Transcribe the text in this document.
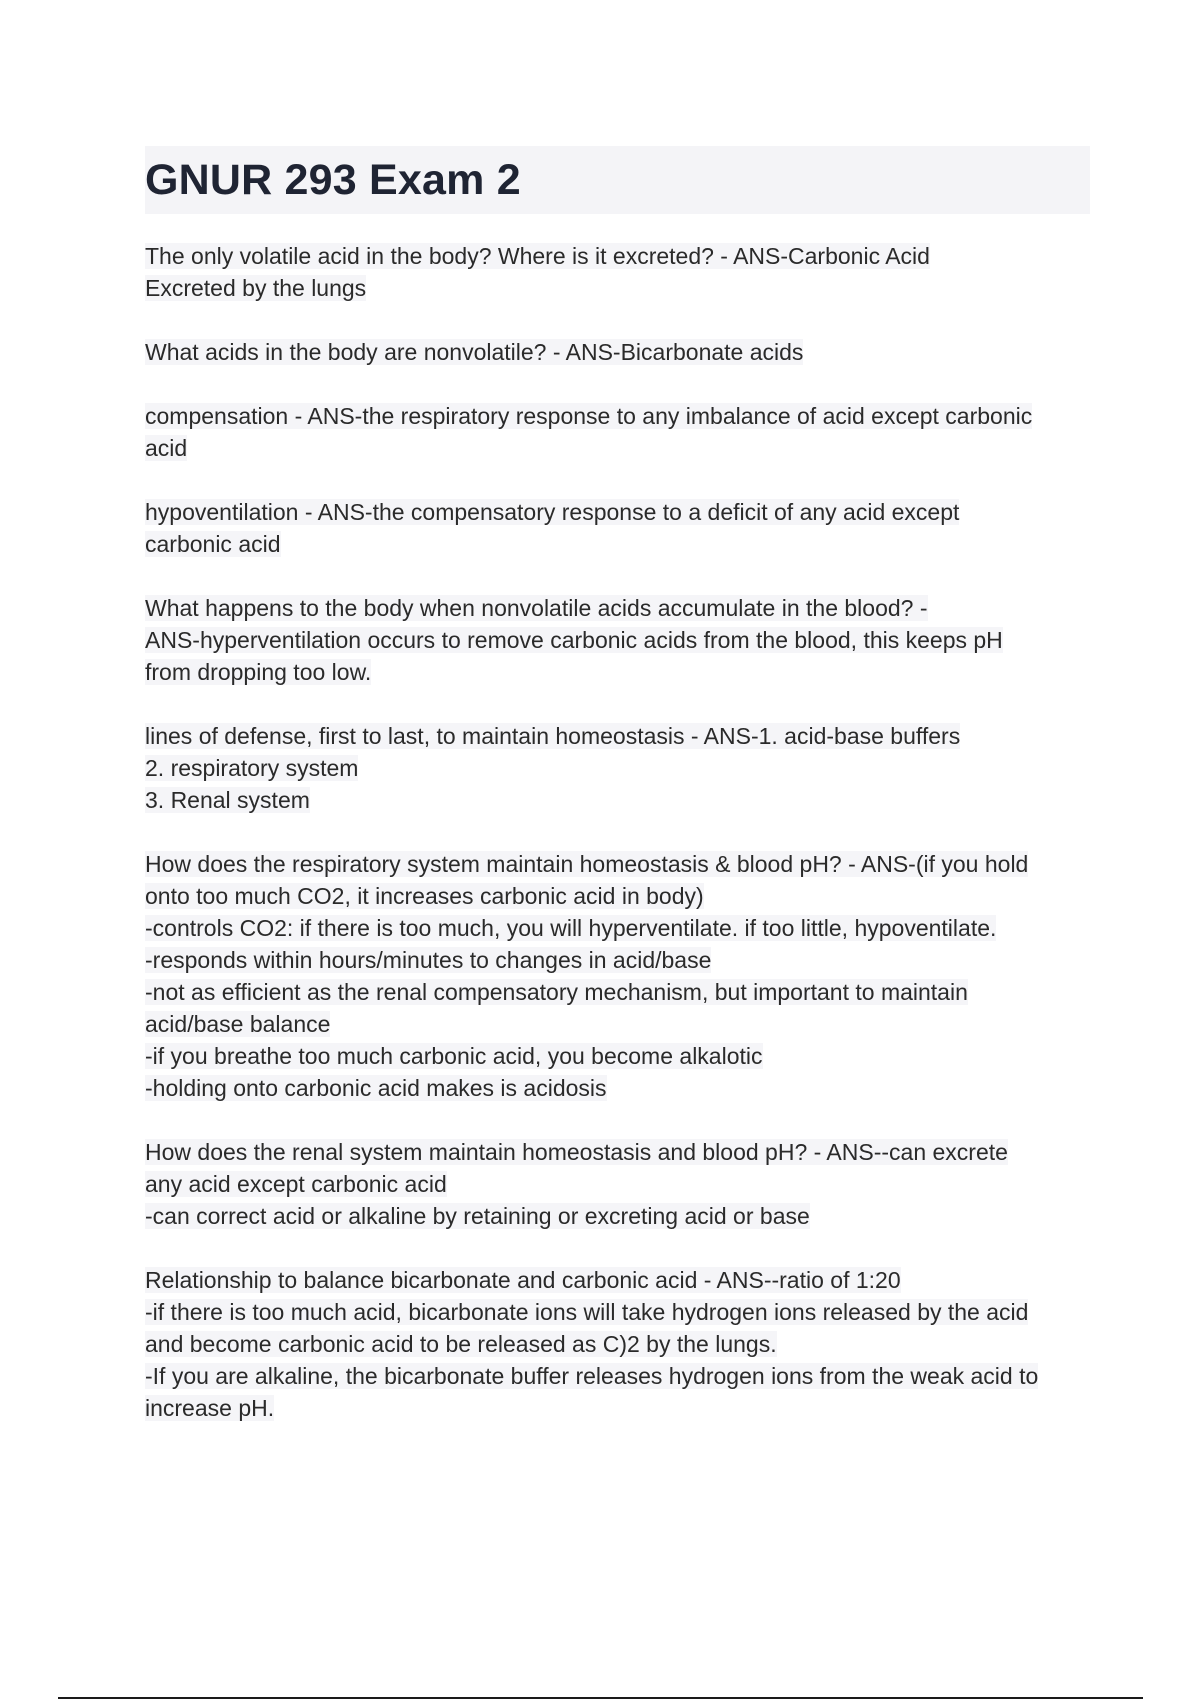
GNUR 293 Exam 2
The only volatile acid in the body? Where is it excreted? - ANS-Carbonic Acid
Excreted by the lungs
What acids in the body are nonvolatile? - ANS-Bicarbonate acids
compensation - ANS-the respiratory response to any imbalance of acid except carbonic
acid
hypoventilation - ANS-the compensatory response to a deficit of any acid except
carbonic acid
What happens to the body when nonvolatile acids accumulate in the blood? -
ANS-hyperventilation occurs to remove carbonic acids from the blood, this keeps pH
from dropping too low.
lines of defense, first to last, to maintain homeostasis - ANS-1. acid-base buffers
2. respiratory system
3. Renal system
How does the respiratory system maintain homeostasis & blood pH? - ANS-(if you hold
onto too much CO2, it increases carbonic acid in body)
-controls CO2: if there is too much, you will hyperventilate. if too little, hypoventilate.
-responds within hours/minutes to changes in acid/base
-not as efficient as the renal compensatory mechanism, but important to maintain
acid/base balance
-if you breathe too much carbonic acid, you become alkalotic
-holding onto carbonic acid makes is acidosis
How does the renal system maintain homeostasis and blood pH? - ANS--can excrete
any acid except carbonic acid
-can correct acid or alkaline by retaining or excreting acid or base
Relationship to balance bicarbonate and carbonic acid - ANS--ratio of 1:20
-if there is too much acid, bicarbonate ions will take hydrogen ions released by the acid
and become carbonic acid to be released as C)2 by the lungs.
-If you are alkaline, the bicarbonate buffer releases hydrogen ions from the weak acid to
increase pH.
